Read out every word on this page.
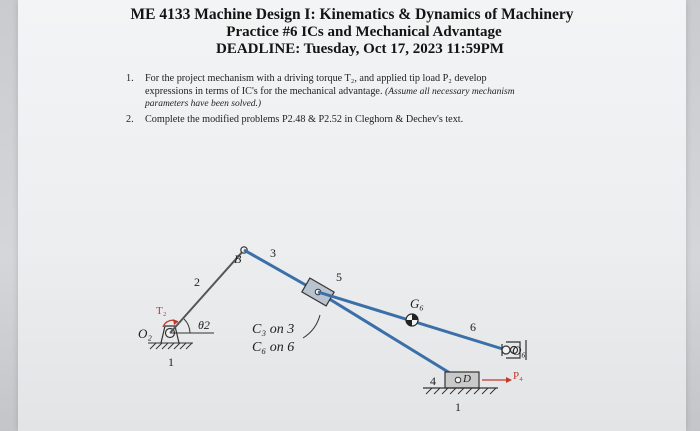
ME 4133 Machine Design I: Kinematics & Dynamics of Machinery
Practice #6 ICs and Mechanical Advantage
DEADLINE: Tuesday, Oct 17, 2023 11:59PM
1. For the project mechanism with a driving torque T₂, and applied tip load P₂ develop
expressions in terms of IC's for the mechanical advantage. (Assume all necessary mechanism
parameters have been solved.)
2. Complete the modified problems P2.48 & P2.52 in Cleghorn & Dechev's text.
T₂
O₂
θ2
1
2
B 3
5
G₆
6
O₆
4 D	P₄
1
C₃ on 3
C₆ on 6
